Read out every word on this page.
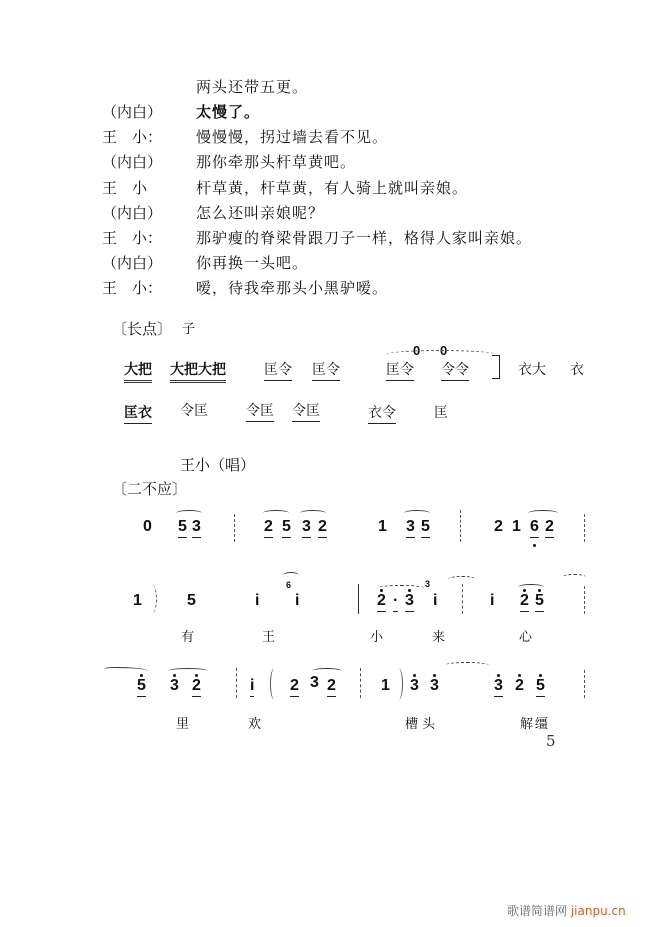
两头还带五更。
（内白） 太慢了。
王　小： 慢慢慢，拐过墙去看不见。
（内白） 那你牵那头杆草黄吧。
王　小	杆草黄，杆草黄，有人骑上就叫亲娘。
（内白） 怎么还叫亲娘呢？
王　小： 那驴瘦的脊梁骨跟刀子一样，格得人家叫亲娘。
（内白） 你再换一头吧。
王　小： 嗳，待我牵那头小黑驴嗳。
〔长点〕 子
大把 大把大把	匡令 匡令
0 0
匡令 令令	衣大 衣
匡衣 令匡	令匡 令匡	衣令	匡
王小（唱）
〔二不应〕
0 5 3	2 5 3 2	1 3 5	2 1 6 2
1	5	i
6
i	2 · 3
3
i	i 2 5
有	王	小	来	心
5 3 2	i 2 3 2	1 3 3	3 2 5
里	欢	槽头	解缰
5
歌谱简谱网 jianpu.cn
